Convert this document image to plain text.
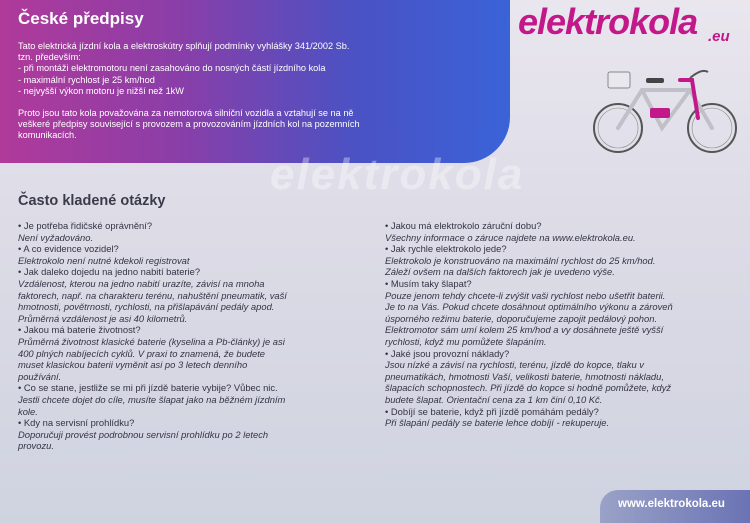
České předpisy
Tato elektrická jízdní kola a elektroskútry splňují podmínky vyhlášky 341/2002 Sb.
tzn. především:
- při montáži elektromotoru není zasahováno do nosných částí jízdního kola
- maximální rychlost je 25 km/hod
- nejvyšší výkon motoru je nižší než 1kW
Proto jsou tato kola považována za nemotorová silniční vozidla a vztahují se na ně
veškeré předpisy související s provozem a provozováním jízdních kol na pozemních
komunikacích.
elektrokola .eu
elektrokola
Často kladené otázky
• Je potřeba řidičské oprávnění?
Není vyžadováno.
• A co evidence vozidel?
Elektrokolo není nutné kdekoli registrovat
• Jak daleko dojedu na jedno nabití baterie?
Vzdálenost, kterou na jedno nabití urazíte, závisí na mnoha
faktorech, např. na charakteru terénu, nahuštění pneumatik, vaší
hmotnosti, povětrnosti, rychlosti, na přišlapávání pedály apod.
Průměrná vzdálenost je asi 40 kilometrů.
• Jakou má baterie životnost?
Průměrná životnost klasické baterie (kyselina a Pb-články) je asi
400 plných nabíjecích cyklů. V praxi to znamená, že budete
muset klasickou baterii vyměnit asi po 3 letech denního
používání.
• Co se stane, jestliže se mi při jízdě baterie vybije? Vůbec nic.
Jestli chcete dojet do cíle, musíte šlapat jako na běžném jízdním
kole.
• Kdy na servisní prohlídku?
Doporučuji provést podrobnou servisní prohlídku po 2 letech
provozu.
• Jakou má elektrokolo záruční dobu?
Všechny informace o záruce najdete na www.elektrokola.eu.
• Jak rychle elektrokolo jede?
Elektrokolo je konstruováno na maximální rychlost do 25 km/hod.
Záleží ovšem na dalších faktorech jak je uvedeno výše.
• Musím taky šlapat?
Pouze jenom tehdy chcete-li zvýšit vaši rychlost nebo ušetřit baterii.
Je to na Vás. Pokud chcete dosáhnout optimálního výkonu a zároveň
úsporného režimu baterie, doporučujeme zapojit pedálový pohon.
Elektromotor sám umí kolem 25 km/hod a vy dosáhnete ještě vyšší
rychlosti, když mu pomůžete šlapáním.
• Jaké jsou provozní náklady?
Jsou nízké a závisí na rychlosti, terénu, jízdě do kopce, tlaku v
pneumatikách, hmotnosti Vaší, velikosti baterie, hmotnosti nákladu,
šlapacích schopnostech. Při jízdě do kopce si hodně pomůžete, když
budete šlapat. Orientační cena za 1 km činí 0,10 Kč.
• Dobíjí se baterie, když při jízdě pomáhám pedály?
Při šlapání pedály se baterie lehce dobíjí - rekuperuje.
www.elektrokola.eu
